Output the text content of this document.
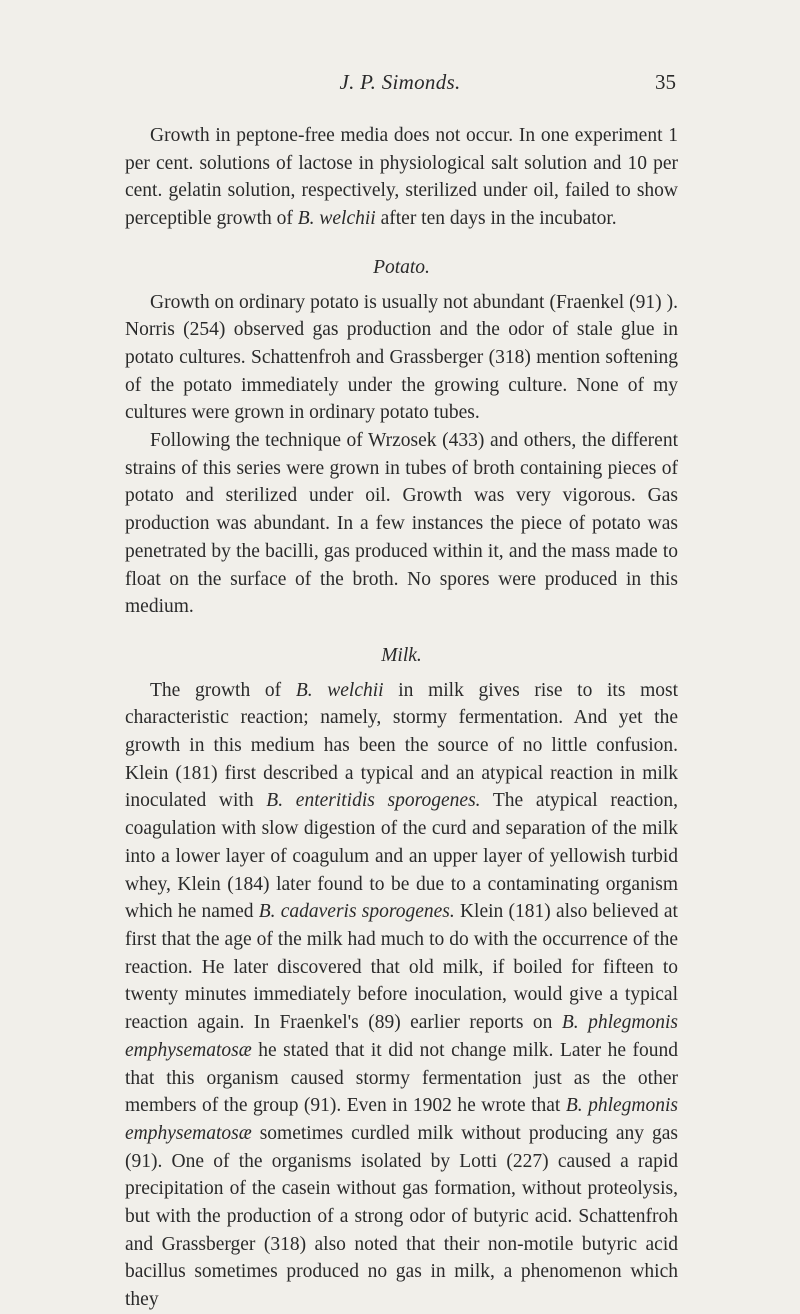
J. P. Simonds.	35

Growth in peptone-free media does not occur. In one experiment 1 per cent. solutions of lactose in physiological salt solution and 10 per cent. gelatin solution, respectively, sterilized under oil, failed to show perceptible growth of B. welchii after ten days in the incubator.

Potato.

Growth on ordinary potato is usually not abundant (Fraenkel (91) ). Norris (254) observed gas production and the odor of stale glue in potato cultures. Schattenfroh and Grassberger (318) mention softening of the potato immediately under the growing culture. None of my cultures were grown in ordinary potato tubes.

Following the technique of Wrzosek (433) and others, the different strains of this series were grown in tubes of broth containing pieces of potato and sterilized under oil. Growth was very vigorous. Gas production was abundant. In a few instances the piece of potato was penetrated by the bacilli, gas produced within it, and the mass made to float on the surface of the broth. No spores were produced in this medium.

Milk.

The growth of B. welchii in milk gives rise to its most characteristic reaction; namely, stormy fermentation. And yet the growth in this medium has been the source of no little confusion. Klein (181) first described a typical and an atypical reaction in milk inoculated with B. enteritidis sporogenes. The atypical reaction, coagulation with slow digestion of the curd and separation of the milk into a lower layer of coagulum and an upper layer of yellowish turbid whey, Klein (184) later found to be due to a contaminating organism which he named B. cadaveris sporogenes. Klein (181) also believed at first that the age of the milk had much to do with the occurrence of the reaction. He later discovered that old milk, if boiled for fifteen to twenty minutes immediately before inoculation, would give a typical reaction again. In Fraenkel's (89) earlier reports on B. phlegmonis emphysematosæ he stated that it did not change milk. Later he found that this organism caused stormy fermentation just as the other members of the group (91). Even in 1902 he wrote that B. phlegmonis emphysematosæ sometimes curdled milk without producing any gas (91). One of the organisms isolated by Lotti (227) caused a rapid precipitation of the casein without gas formation, without proteolysis, but with the production of a strong odor of butyric acid. Schattenfroh and Grassberger (318) also noted that their non-motile butyric acid bacillus sometimes produced no gas in milk, a phenomenon which they
